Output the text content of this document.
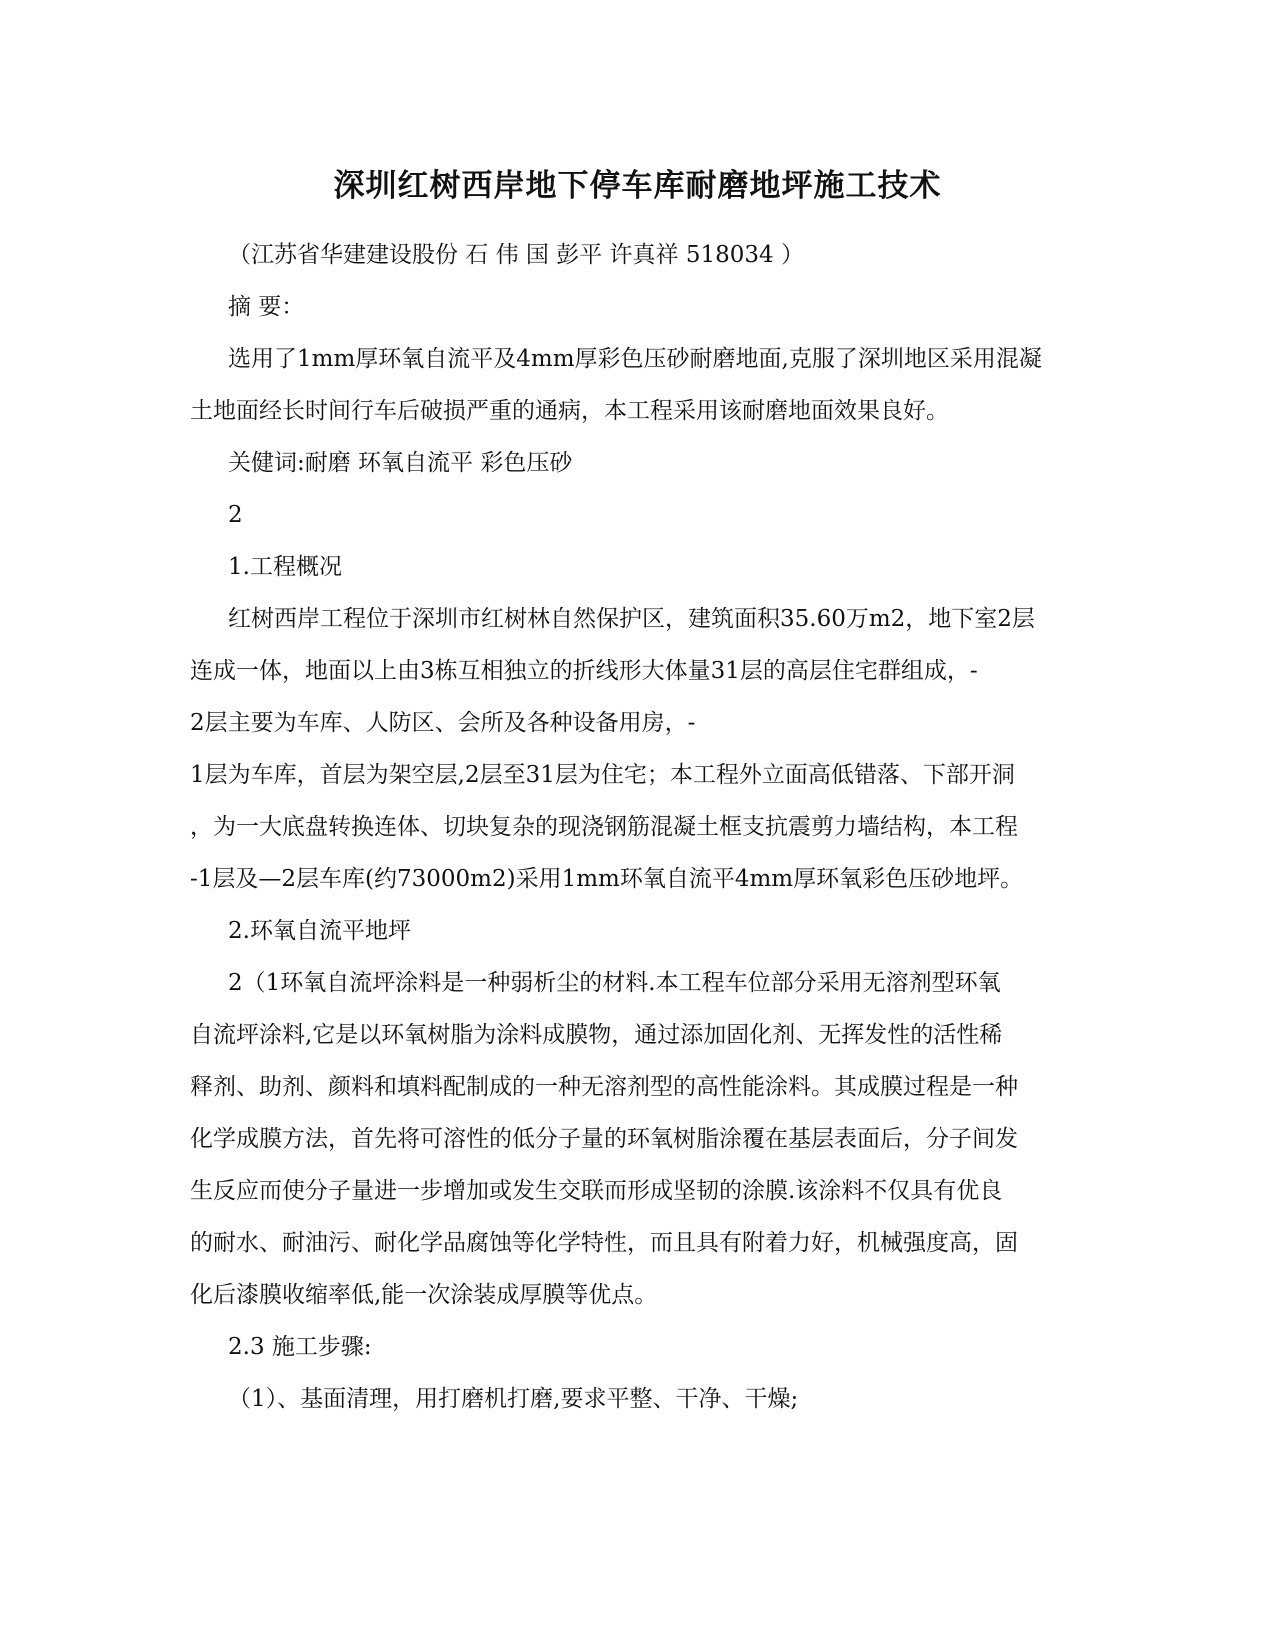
深圳红树西岸地下停车库耐磨地坪施工技术
（江苏省华建建设股份 石 伟 国 彭平 许真祥 518034 ）
摘 要：
选用了1mm厚环氧自流平及4mm厚彩色压砂耐磨地面,克服了深圳地区采用混凝
土地面经长时间行车后破损严重的通病，本工程采用该耐磨地面效果良好。
关健词:耐磨 环氧自流平 彩色压砂
2
1.工程概况
红树西岸工程位于深圳市红树林自然保护区，建筑面积35.60万m2，地下室2层
连成一体，地面以上由3栋互相独立的折线形大体量31层的高层住宅群组成，-
2层主要为车库、人防区、会所及各种设备用房，-
1层为车库，首层为架空层,2层至31层为住宅；本工程外立面高低错落、下部开洞
，为一大底盘转换连体、切块复杂的现浇钢筋混凝土框支抗震剪力墙结构，本工程
-1层及—2层车库(约73000m2)采用1mm环氧自流平4mm厚环氧彩色压砂地坪。
2.环氧自流平地坪
2（1环氧自流坪涂料是一种弱析尘的材料.本工程车位部分采用无溶剂型环氧
自流坪涂料,它是以环氧树脂为涂料成膜物，通过添加固化剂、无挥发性的活性稀
释剂、助剂、颜料和填料配制成的一种无溶剂型的高性能涂料。其成膜过程是一种
化学成膜方法，首先将可溶性的低分子量的环氧树脂涂覆在基层表面后，分子间发
生反应而使分子量进一步增加或发生交联而形成坚韧的涂膜.该涂料不仅具有优良
的耐水、耐油污、耐化学品腐蚀等化学特性，而且具有附着力好，机械强度高，固
化后漆膜收缩率低,能一次涂装成厚膜等优点。
2.3 施工步骤:
（1）、基面清理，用打磨机打磨,要求平整、干净、干燥;
